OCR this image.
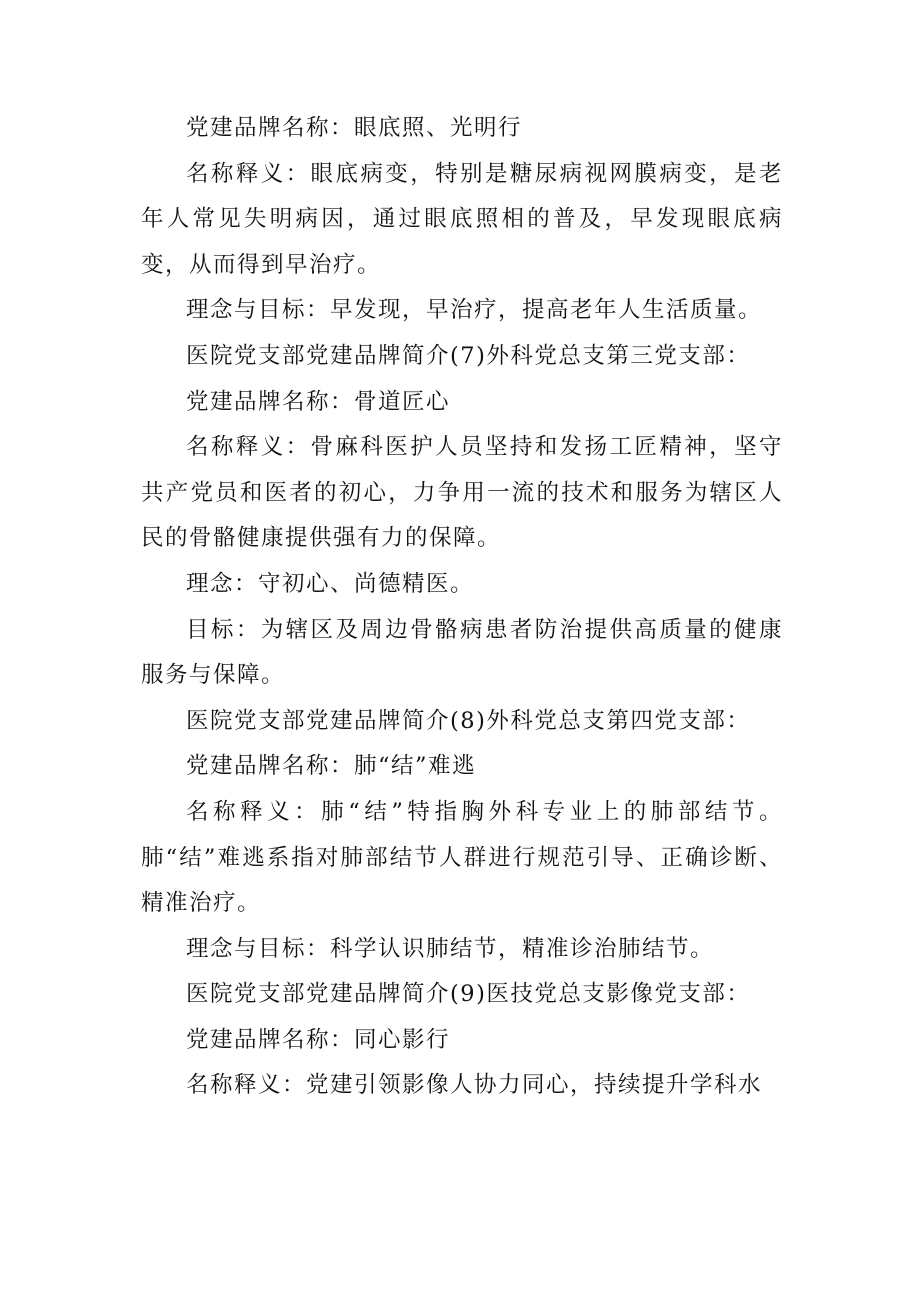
党建品牌名称：眼底照、光明行

名称释义：眼底病变，特别是糖尿病视网膜病变，是老年人常见失明病因，通过眼底照相的普及，早发现眼底病变，从而得到早治疗。

理念与目标：早发现，早治疗，提高老年人生活质量。

医院党支部党建品牌简介(7)外科党总支第三党支部：

党建品牌名称：骨道匠心

名称释义：骨麻科医护人员坚持和发扬工匠精神，坚守共产党员和医者的初心，力争用一流的技术和服务为辖区人民的骨骼健康提供强有力的保障。

理念：守初心、尚德精医。

目标：为辖区及周边骨骼病患者防治提供高质量的健康服务与保障。

医院党支部党建品牌简介(8)外科党总支第四党支部：

党建品牌名称：肺“结”难逃

名称释义：肺“结”特指胸外科专业上的肺部结节。肺“结”难逃系指对肺部结节人群进行规范引导、正确诊断、精准治疗。

理念与目标：科学认识肺结节，精准诊治肺结节。

医院党支部党建品牌简介(9)医技党总支影像党支部：

党建品牌名称：同心影行

名称释义：党建引领影像人协力同心，持续提升学科水
